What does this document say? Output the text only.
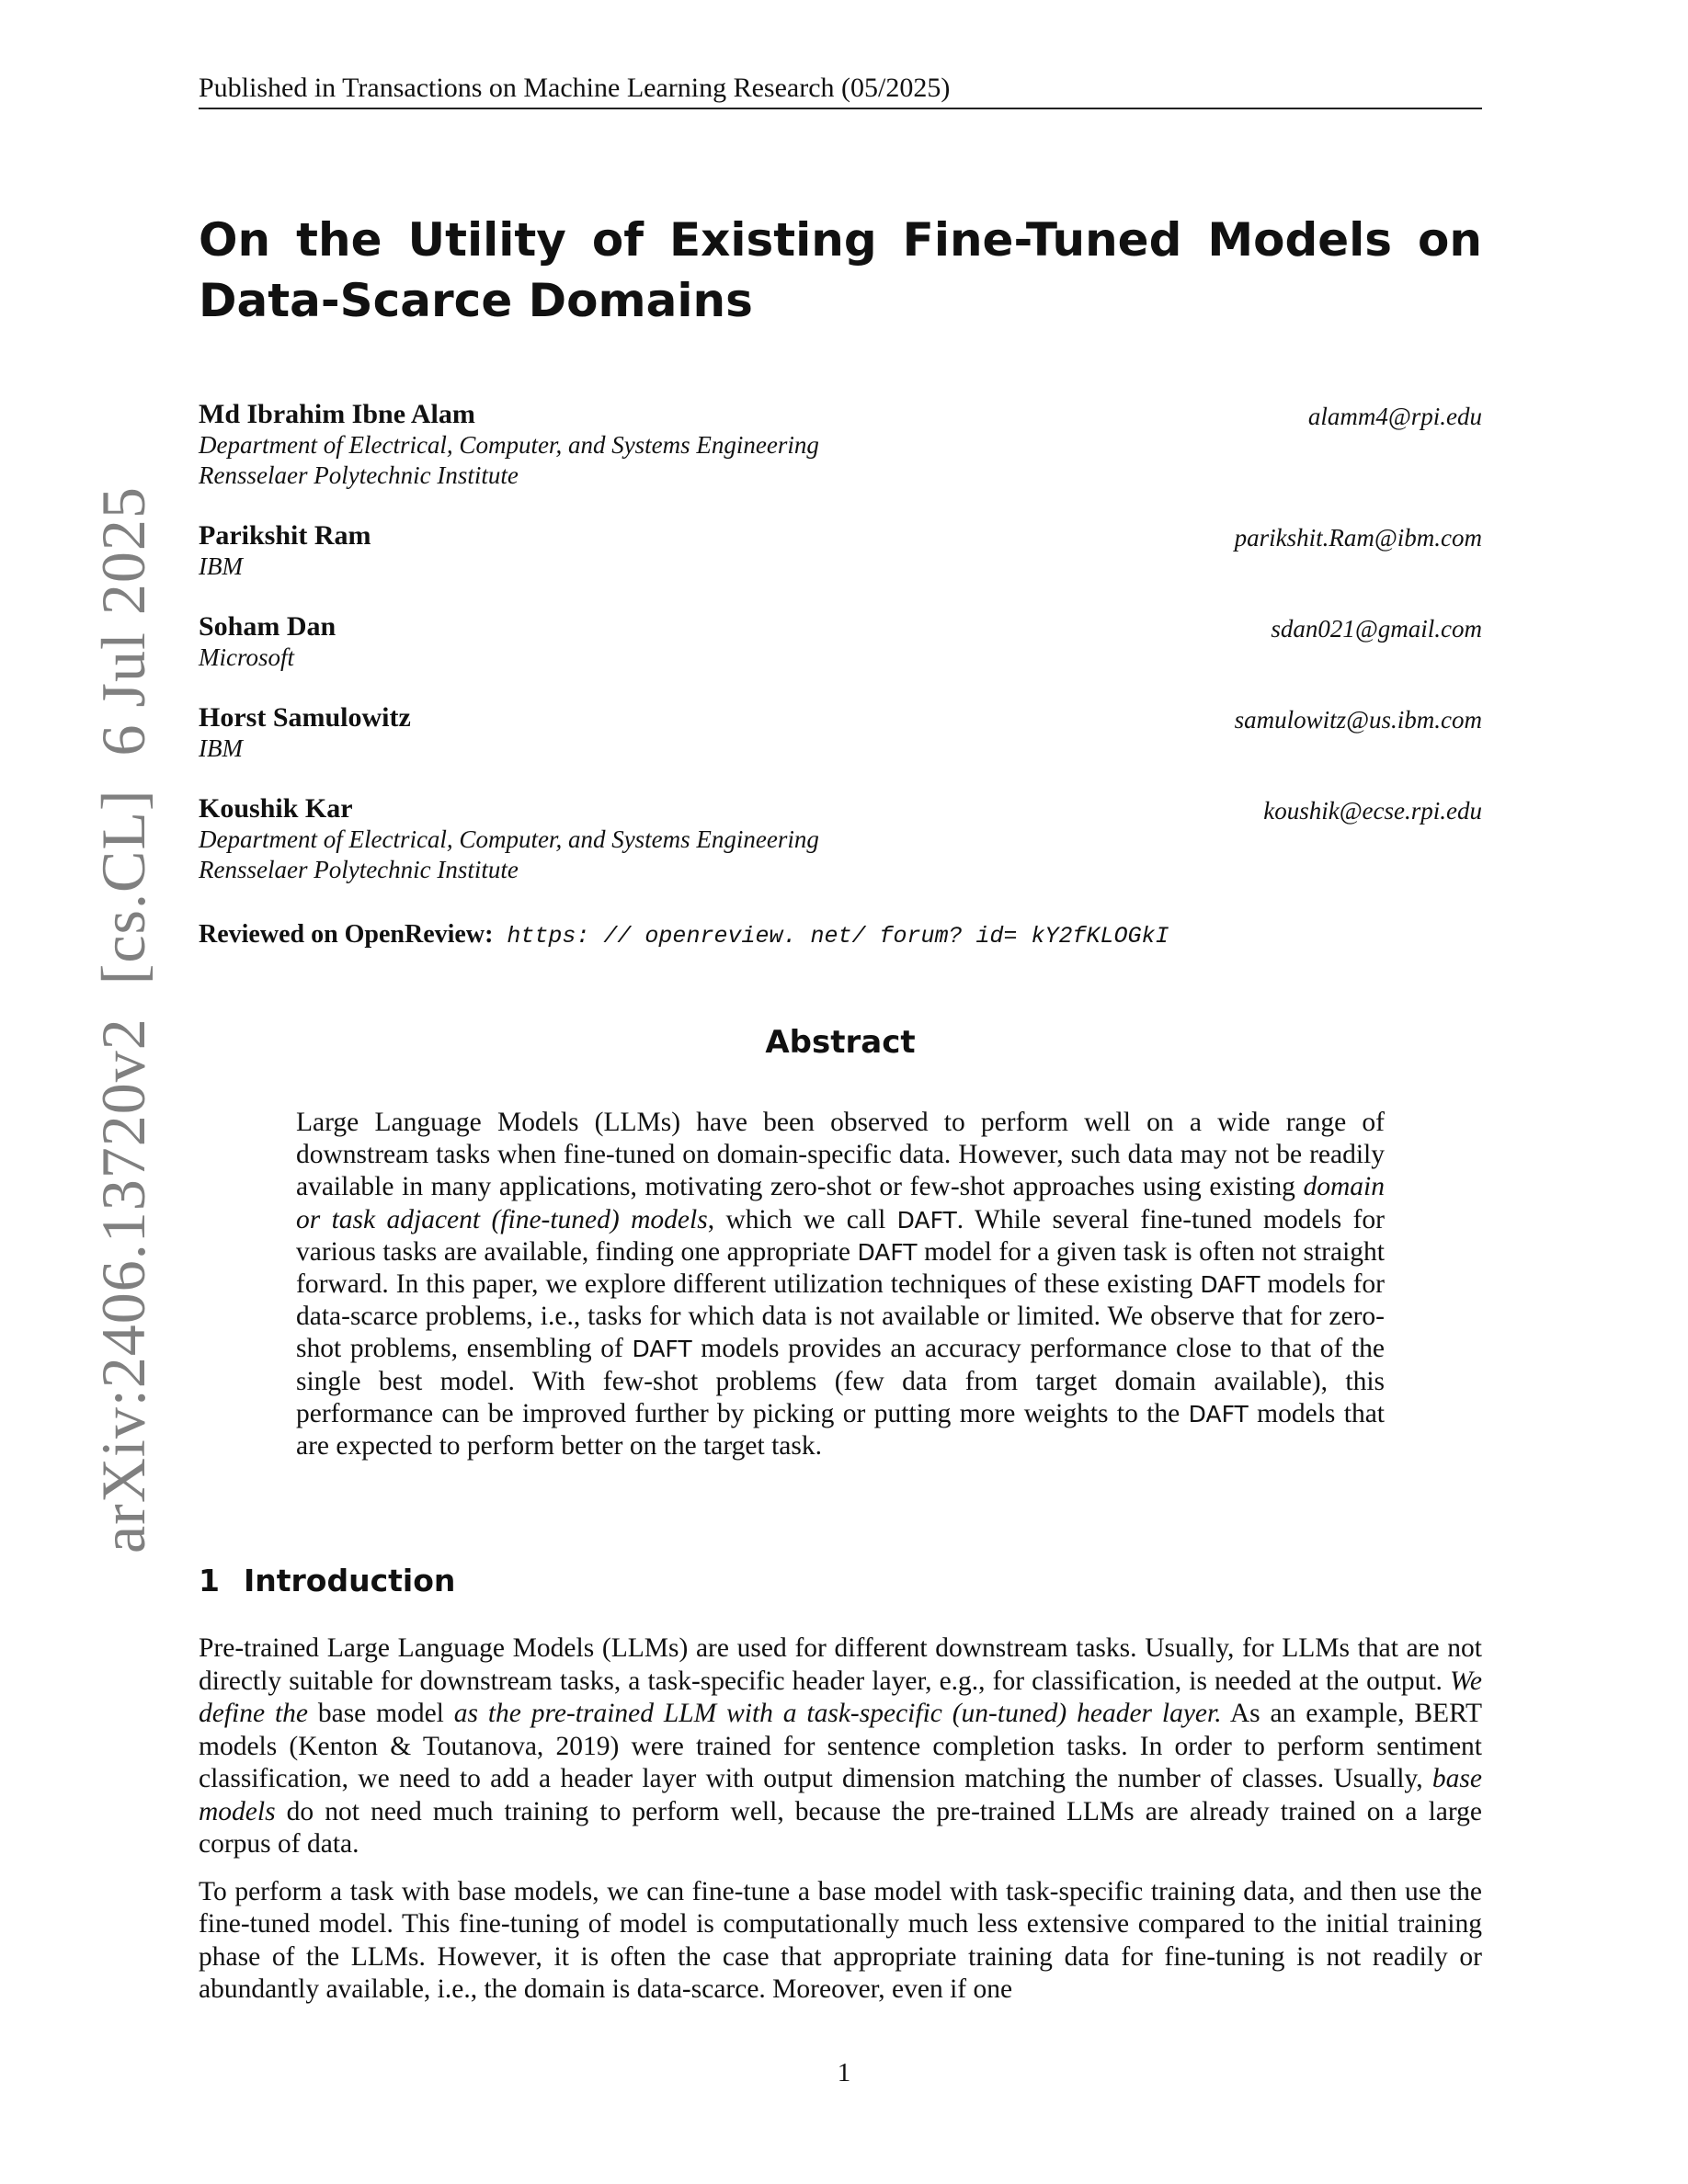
Published in Transactions on Machine Learning Research (05/2025)
On the Utility of Existing Fine-Tuned Models on Data-Scarce Domains
Md Ibrahim Ibne Alam	alamm4@rpi.edu
Department of Electrical, Computer, and Systems Engineering
Rensselaer Polytechnic Institute
Parikshit Ram	parikshit.Ram@ibm.com
IBM
Soham Dan	sdan021@gmail.com
Microsoft
Horst Samulowitz	samulowitz@us.ibm.com
IBM
Koushik Kar	koushik@ecse.rpi.edu
Department of Electrical, Computer, and Systems Engineering
Rensselaer Polytechnic Institute
Reviewed on OpenReview: https: // openreview. net/ forum? id= kY2fKLOGkI
Abstract
Large Language Models (LLMs) have been observed to perform well on a wide range of downstream tasks when fine-tuned on domain-specific data. However, such data may not be readily available in many applications, motivating zero-shot or few-shot approaches using existing domain or task adjacent (fine-tuned) models, which we call DAFT. While several fine-tuned models for various tasks are available, finding one appropriate DAFT model for a given task is often not straight forward. In this paper, we explore different utilization techniques of these existing DAFT models for data-scarce problems, i.e., tasks for which data is not available or limited. We observe that for zero-shot problems, ensembling of DAFT models provides an accuracy performance close to that of the single best model. With few-shot problems (few data from target domain available), this performance can be improved further by picking or putting more weights to the DAFT models that are expected to perform better on the target task.
1 Introduction

Pre-trained Large Language Models (LLMs) are used for different downstream tasks. Usually, for LLMs that are not directly suitable for downstream tasks, a task-specific header layer, e.g., for classification, is needed at the output. We define the base model as the pre-trained LLM with a task-specific (un-tuned) header layer. As an example, BERT models (Kenton & Toutanova, 2019) were trained for sentence completion tasks. In order to perform sentiment classification, we need to add a header layer with output dimension matching the number of classes. Usually, base models do not need much training to perform well, because the pre-trained LLMs are already trained on a large corpus of data.

To perform a task with base models, we can fine-tune a base model with task-specific training data, and then use the fine-tuned model. This fine-tuning of model is computationally much less extensive compared to the initial training phase of the LLMs. However, it is often the case that appropriate training data for fine-tuning is not readily or abundantly available, i.e., the domain is data-scarce. Moreover, even if one

1
arXiv:2406.13720v2  [cs.CL]  6 Jul 2025
